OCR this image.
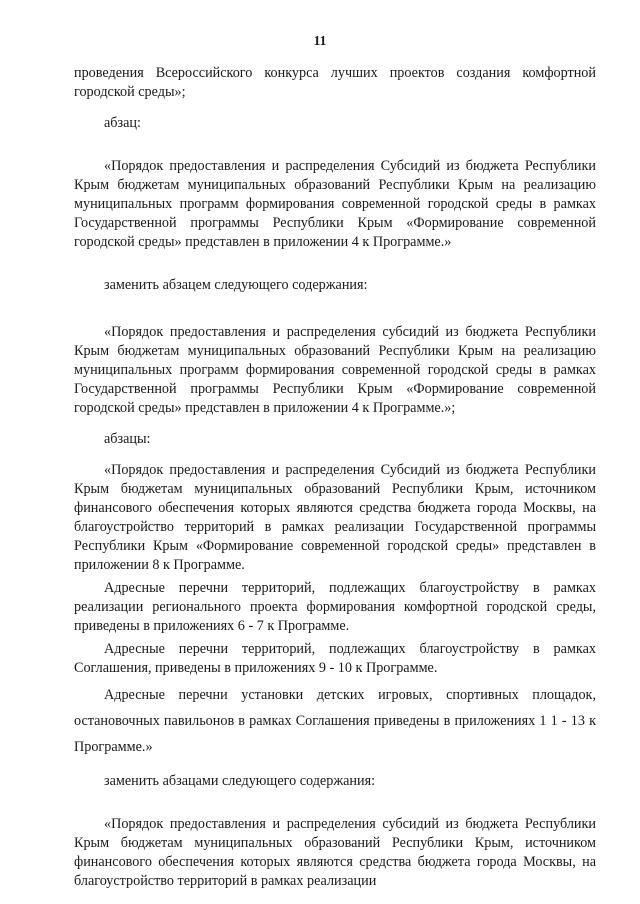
11

проведения Всероссийского конкурса лучших проектов создания комфортной городской среды»;

абзац:

«Порядок предоставления и распределения Субсидий из бюджета Республики Крым бюджетам муниципальных образований Республики Крым на реализацию муниципальных программ формирования современной городской среды в рамках Государственной программы Республики Крым «Формирование современной городской среды» представлен в приложении 4 к Программе.»

заменить абзацем следующего содержания:

«Порядок предоставления и распределения субсидий из бюджета Республики Крым бюджетам муниципальных образований Республики Крым на реализацию муниципальных программ формирования современной городской среды в рамках Государственной программы Республики Крым «Формирование современной городской среды» представлен в приложении 4 к Программе.»;

абзацы:

«Порядок предоставления и распределения Субсидий из бюджета Республики Крым бюджетам муниципальных образований Республики Крым, источником финансового обеспечения которых являются средства бюджета города Москвы, на благоустройство территорий в рамках реализации Государственной программы Республики Крым «Формирование современной городской среды» представлен в приложении 8 к Программе.

Адресные перечни территорий, подлежащих благоустройству в рамках реализации регионального проекта формирования комфортной городской среды, приведены в приложениях 6 - 7 к Программе.

Адресные перечни территорий, подлежащих благоустройству в рамках Соглашения, приведены в приложениях 9 - 10 к Программе.

Адресные перечни установки детских игровых, спортивных площадок, остановочных павильонов в рамках Соглашения приведены в приложениях 1 1 - 13 к Программе.»

заменить абзацами следующего содержания:

«Порядок предоставления и распределения субсидий из бюджета Республики Крым бюджетам муниципальных образований Республики Крым, источником финансового обеспечения которых являются средства бюджета города Москвы, на благоустройство территорий в рамках реализации
